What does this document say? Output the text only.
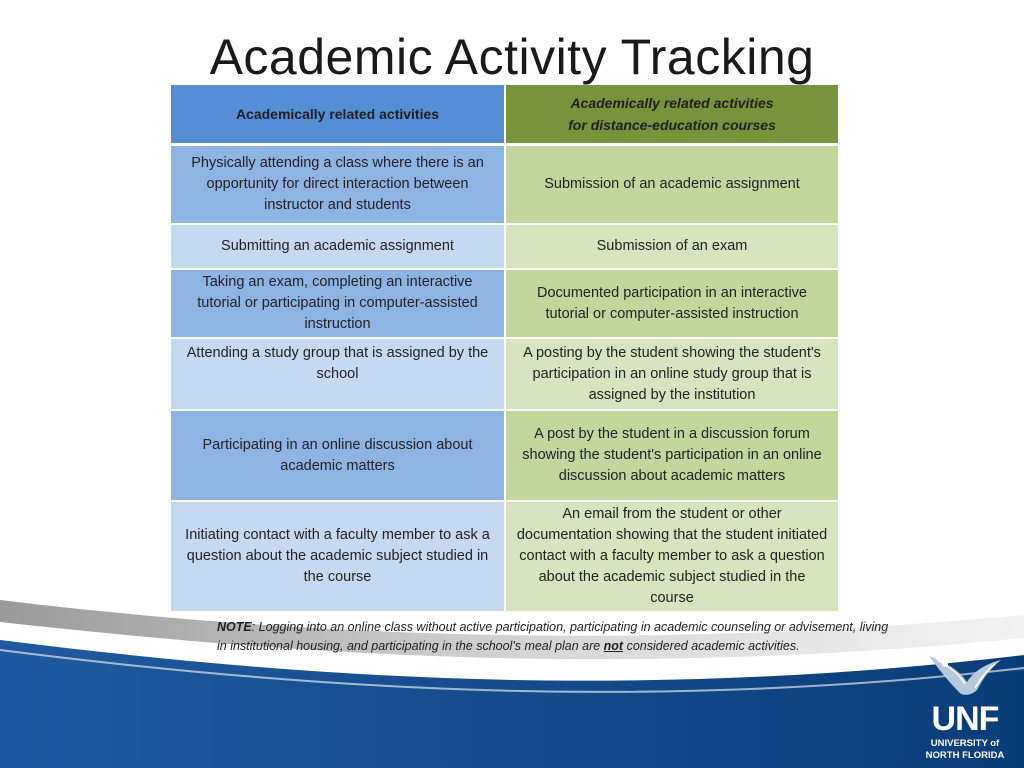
Academic Activity Tracking
Academically related activities
Academically related activities
for distance-education courses
Physically attending a class where there is an opportunity for direct interaction between instructor and students
Submission of an academic assignment
Submitting an academic assignment	Submission of an exam
Taking an exam, completing an interactive tutorial or participating in computer-assisted instruction
Documented participation in an interactive tutorial or computer-assisted instruction
Attending a study group that is assigned by the school
A posting by the student showing the student's participation in an online study group that is assigned by the institution
Participating in an online discussion about academic matters
A post by the student in a discussion forum showing the student's participation in an online discussion about academic matters
Initiating contact with a faculty member to ask a question about the academic subject studied in the course
An email from the student or other documentation showing that the student initiated contact with a faculty member to ask a question about the academic subject studied in the course
NOTE: Logging into an online class without active participation, participating in academic counseling or advisement, living in institutional housing, and participating in the school's meal plan are not considered academic activities.
UNF
UNIVERSITY of
NORTH FLORIDA
